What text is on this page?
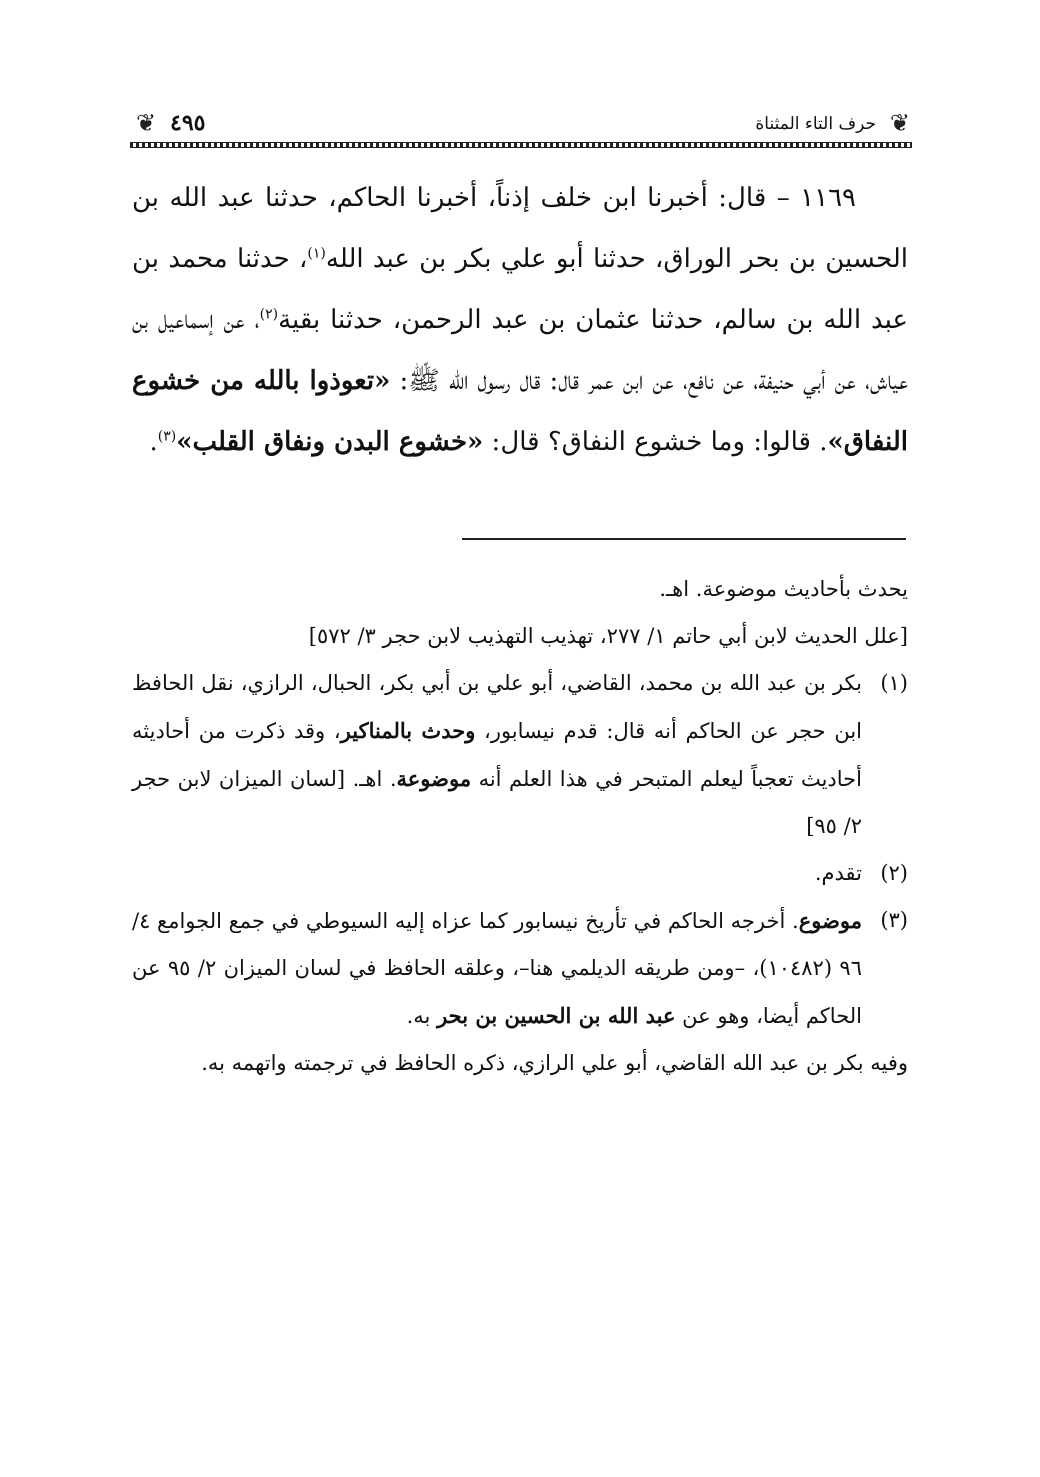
❦
حرف التاء المثناة
٤٩٥
❦

١١٦٩ – قال: أخبرنا ابن خلف إذناً، أخبرنا الحاكم، حدثنا عبد الله بن الحسين بن بحر الوراق، حدثنا أبو علي بكر بن عبد الله$^{(١)}$، حدثنا محمد بن عبد الله بن سالم، حدثنا عثمان بن عبد الرحمن، حدثنا بقية$^{(٢)}$، عن إسماعيل بن عياش، عن أبي حنيفة، عن نافع، عن ابن عمر قال: قال رسول الله ﷺ: «تعوذوا بالله من خشوع النفاق». قالوا: وما خشوع النفاق؟ قال: «خشوع البدن ونفاق القلب»$^{(٣)}$.

يحدث بأحاديث موضوعة. اهـ.

[علل الحديث لابن أبي حاتم ١/ ٢٧٧، تهذيب التهذيب لابن حجر ٣/ ٥٧٢]

(١)
بكر بن عبد الله بن محمد، القاضي، أبو علي بن أبي بكر، الحبال، الرازي، نقل الحافظ ابن حجر عن الحاكم أنه قال: قدم نيسابور، وحدث بالمناكير، وقد ذكرت من أحاديثه أحاديث تعجباً ليعلم المتبحر في هذا العلم أنه موضوعة. اهـ. [لسان الميزان لابن حجر ٢/ ٩٥]
(٢)
تقدم.
(٣)
موضوع. أخرجه الحاكم في تأريخ نيسابور كما عزاه إليه السيوطي في جمع الجوامع ٤/ ٩٦ (١٠٤٨٢)، –ومن طريقه الديلمي هنا–، وعلقه الحافظ في لسان الميزان ٢/ ٩٥ عن الحاكم أيضا، وهو عن عبد الله بن الحسين بن بحر به.

وفيه بكر بن عبد الله القاضي، أبو علي الرازي، ذكره الحافظ في ترجمته واتهمه به.
